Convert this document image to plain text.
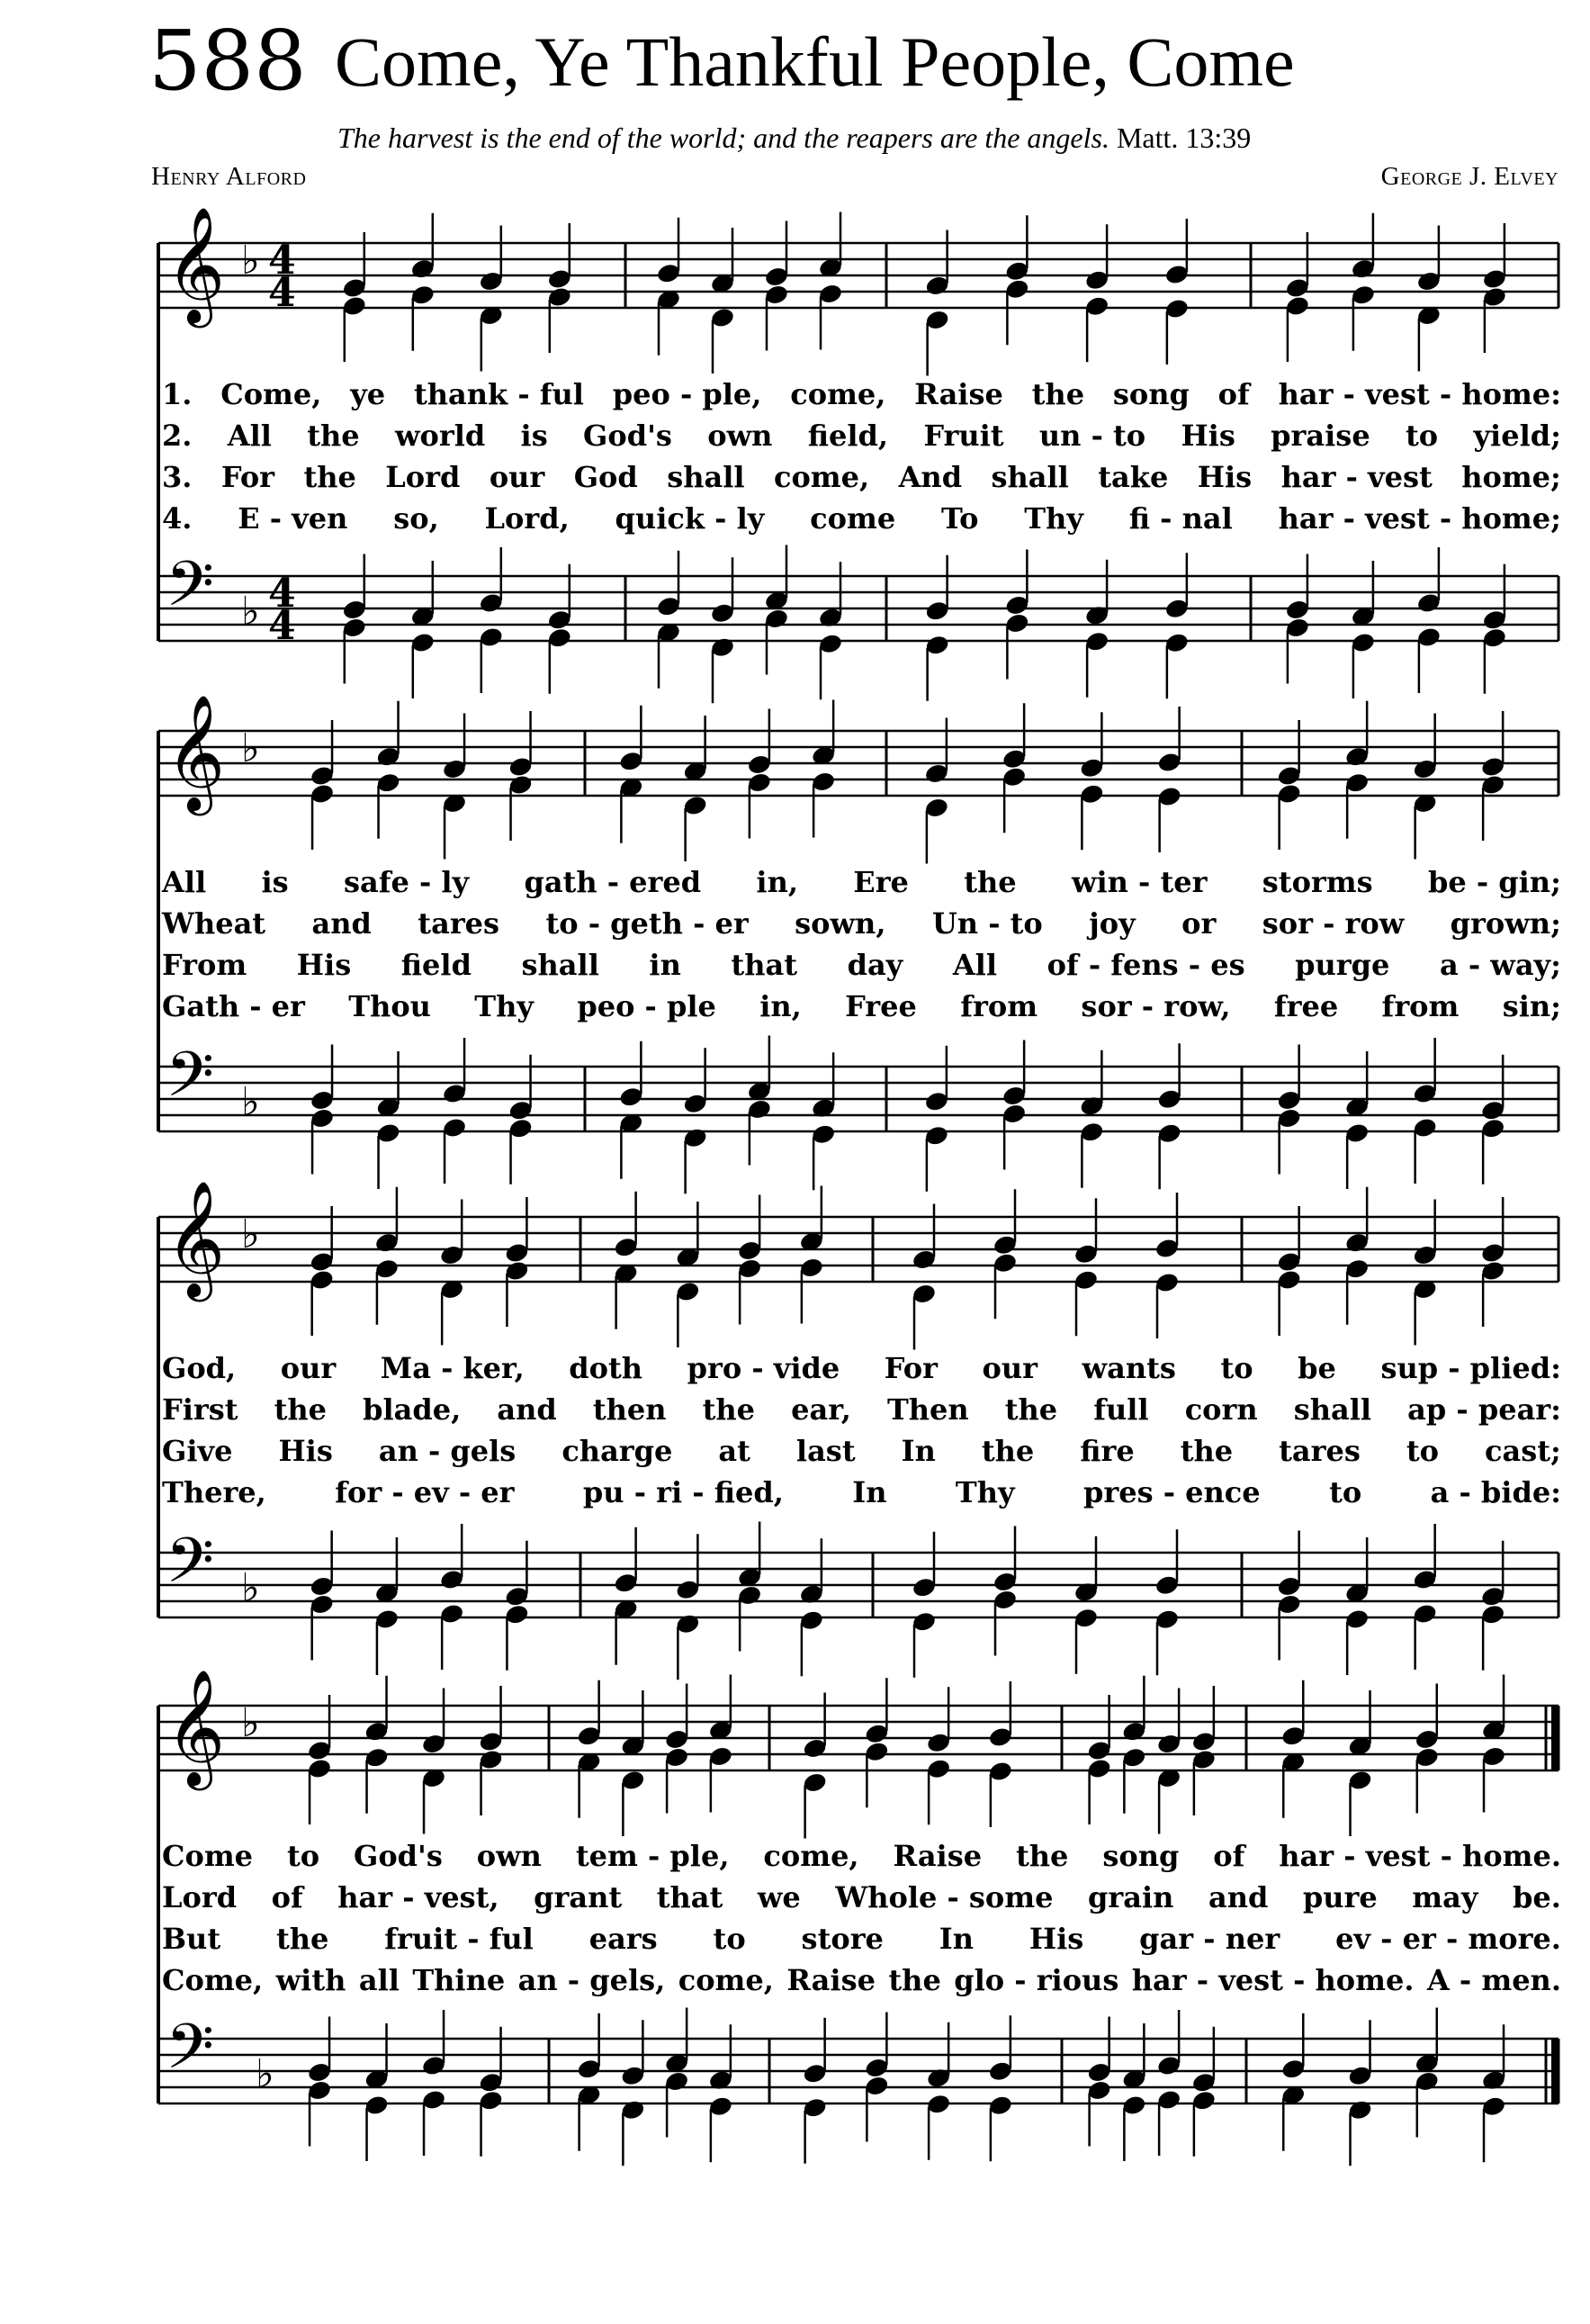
588 Come, Ye Thankful People, Come
The harvest is the end of the world; and the reapers are the angels. Matt. 13:39
Henry Alford	George J. Elvey
𝄞 ♭ 4
4
𝄢 ♭ 4
4
𝄞 ♭
𝄢 ♭
𝄞 ♭
𝄢 ♭
𝄞 ♭
𝄢 ♭
1. Come, ye thank - ful peo - ple, come, Raise the song of har - vest - home:
2. All the world is God's own field, Fruit un - to His praise to yield;
3. For the Lord our God shall come, And shall take His har - vest home;
4. E - ven so, Lord, quick - ly come To Thy fi - nal har - vest - home;
All is safe - ly gath - ered in, Ere the win - ter storms be - gin;
Wheat and tares to - geth - er sown, Un - to joy or sor - row grown;
From His field shall in that day All of - fens - es purge a - way;
Gath - er Thou Thy peo - ple in, Free from sor - row, free from sin;
God, our Ma - ker, doth pro - vide For our wants to be sup - plied:
First the blade, and then the ear, Then the full corn shall ap - pear:
Give His an - gels charge at last In the fire the tares to cast;
There, for - ev - er pu - ri - fied, In Thy pres - ence to a - bide:
Come to God's own tem - ple, come, Raise the song of har - vest - home.
Lord of har - vest, grant that we Whole - some grain and pure may be.
But the fruit - ful ears to store In His gar - ner ev - er - more.
Come, with all Thine an - gels, come, Raise the glo - rious har - vest - home. A - men.
